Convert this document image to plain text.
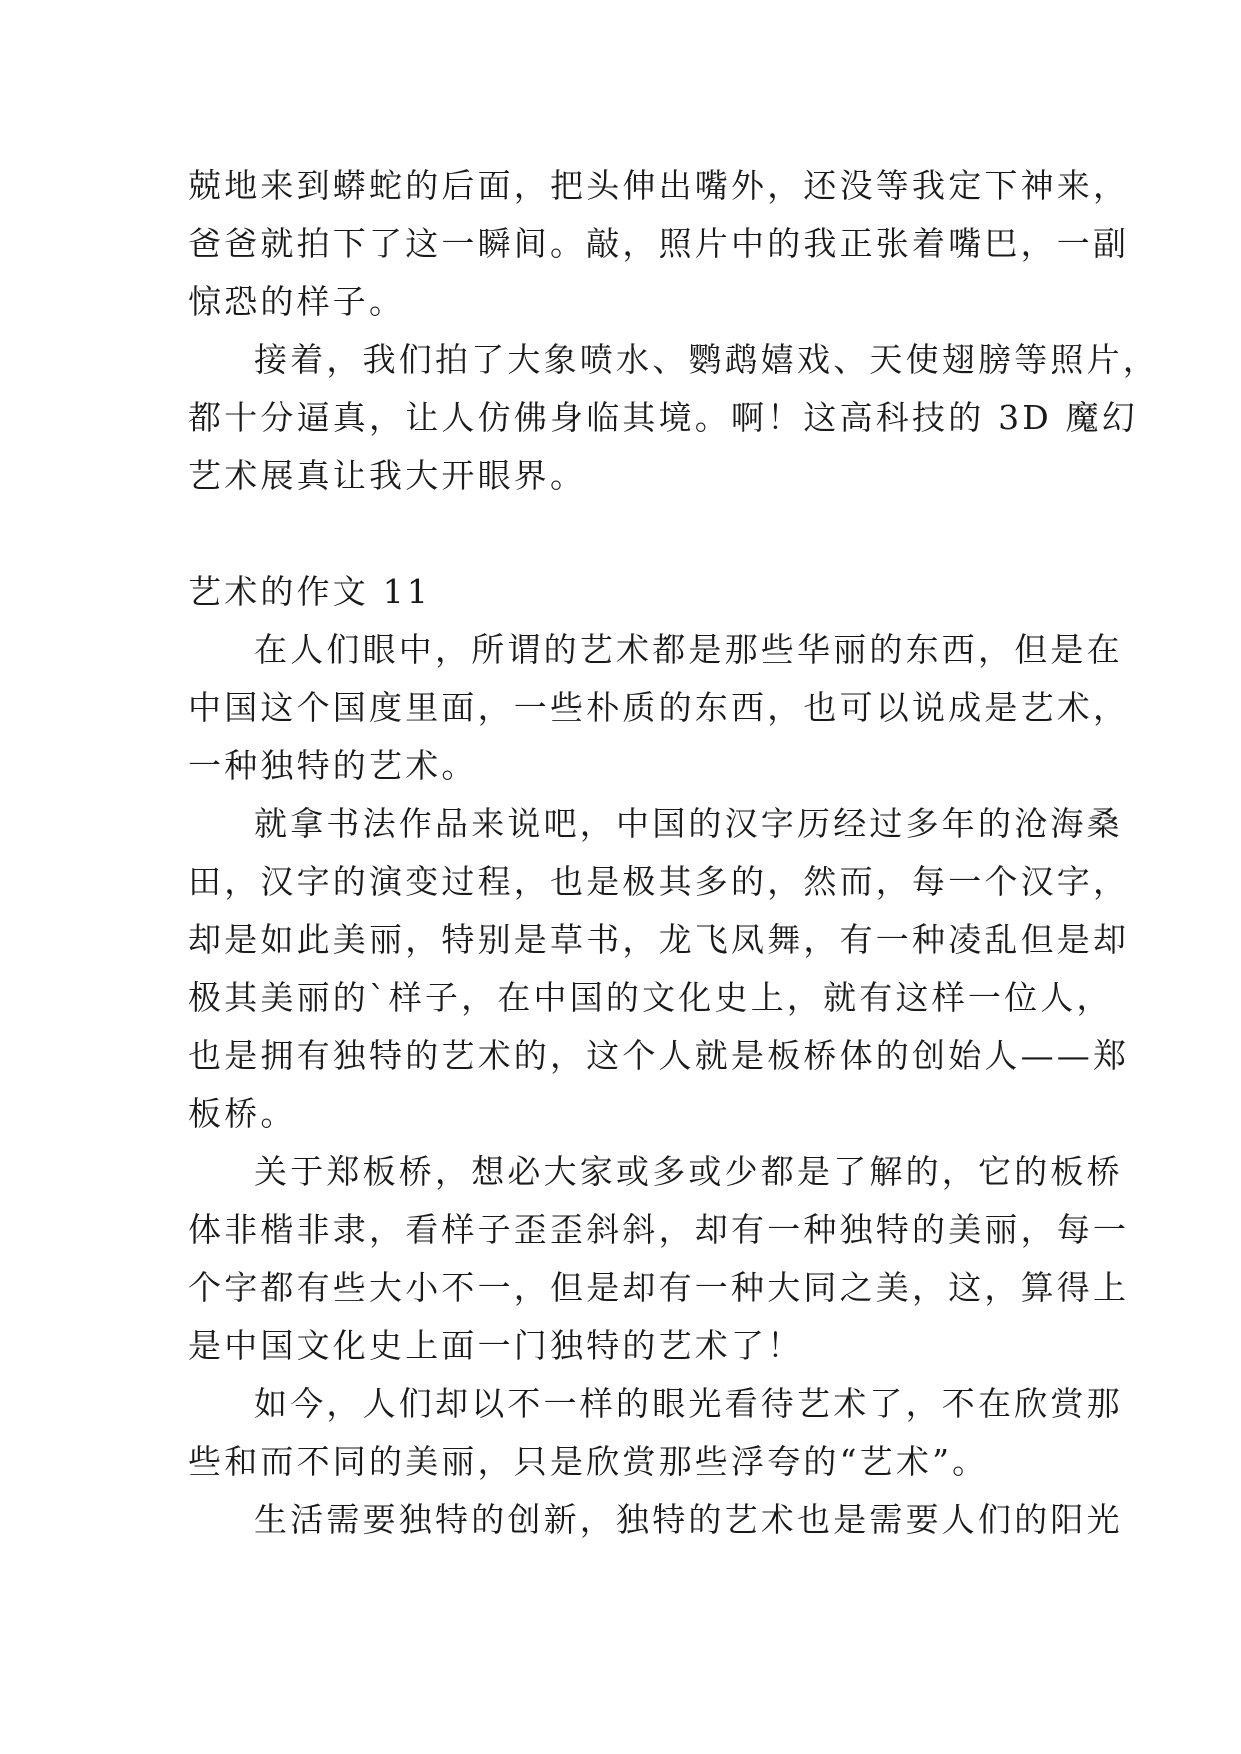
兢地来到蟒蛇的后面，把头伸出嘴外，还没等我定下神来，
爸爸就拍下了这一瞬间。敲，照片中的我正张着嘴巴，一副
惊恐的样子。
接着，我们拍了大象喷水、鹦鹉嬉戏、天使翅膀等照片，
都十分逼真，让人仿佛身临其境。啊！这高科技的 3D 魔幻
艺术展真让我大开眼界。
艺术的作文 11
在人们眼中，所谓的艺术都是那些华丽的东西，但是在
中国这个国度里面，一些朴质的东西，也可以说成是艺术，
一种独特的艺术。
就拿书法作品来说吧，中国的汉字历经过多年的沧海桑
田，汉字的演变过程，也是极其多的，然而，每一个汉字，
却是如此美丽，特别是草书，龙飞凤舞，有一种凌乱但是却
极其美丽的`样子，在中国的文化史上，就有这样一位人，
也是拥有独特的艺术的，这个人就是板桥体的创始人——郑
板桥。
关于郑板桥，想必大家或多或少都是了解的，它的板桥
体非楷非隶，看样子歪歪斜斜，却有一种独特的美丽，每一
个字都有些大小不一，但是却有一种大同之美，这，算得上
是中国文化史上面一门独特的艺术了！
如今，人们却以不一样的眼光看待艺术了，不在欣赏那
些和而不同的美丽，只是欣赏那些浮夸的“艺术”。
生活需要独特的创新，独特的艺术也是需要人们的阳光
